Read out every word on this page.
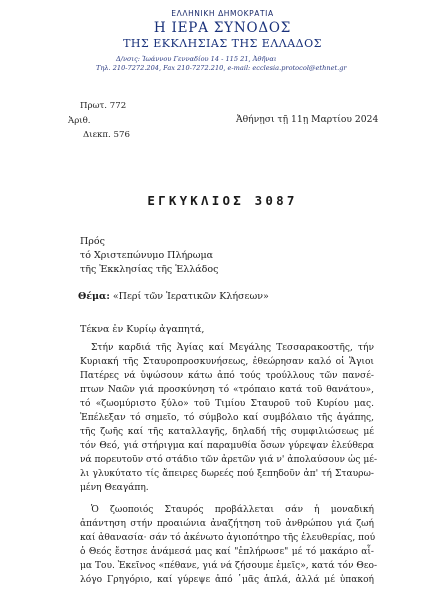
ΕΛΛΗΝΙΚΗ ΔΗΜΟΚΡΑΤΙΑ
Η ΙΕΡΑ ΣΥΝΟΔΟΣ
ΤΗΣ ΕΚΚΛΗΣΙΑΣ ΤΗΣ ΕΛΛΑΔΟΣ
Δ/νσις: Ἰωάννου Γενναδίου 14 - 115 21, Ἀθῆναι
Τηλ. 210-7272.204, Fax 210-7272.210, e-mail: ecclesia.protocol@ethnet.gr
Πρωτ. 772
Ἀριθ.
Διεκπ. 576
Ἀθήνῃσι τῇ 11ῃ Μαρτίου 2024
ΕΓΚΥΚΛΙΟΣ 3087
Πρός
τό Χριστεπώνυμο Πλήρωμα
τῆς Ἐκκλησίας τῆς Ἑλλάδος
Θέμα: «Περί τῶν Ἱερατικῶν Κλήσεων»
Τέκνα ἐν Κυρίῳ ἀγαπητά,
Στήν καρδιά τῆς Ἁγίας καί Μεγάλης Τεσσαρακοστῆς, τήν
Κυριακή τῆς Σταυροπροσκυνήσεως, ἐθεώρησαν καλό οἱ Ἅγιοι
Πατέρες νά ὑψώσουν κάτω ἀπό τούς τρούλλους τῶν πανσέ-
πτων Ναῶν γιά προσκύνηση τό «τρόπαιο κατά τοῦ θανάτου»,
τό «ζωομύριστο ξύλο» τοῦ Τιμίου Σταυροῦ τοῦ Κυρίου μας.
Ἐπέλεξαν τό σημεῖο, τό σύμβολο καί συμβόλαιο τῆς ἀγάπης,
τῆς ζωῆς καί τῆς καταλλαγῆς, δηλαδή τῆς συμφιλιώσεως μέ
τόν Θεό, γιά στήριγμα καί παραμυθία ὅσων γύρεψαν ἐλεύθερα
νά πορευτοῦν στό στάδιο τῶν ἀρετῶν γιά ν' ἀπολαύσουν ὡς μέ-
λι γλυκύτατο τίς ἄπειρες δωρεές πού ξεπηδοῦν ἀπ' τή Σταυρω-
μένη Θεαγάπη.
Ὁ ζωοποιός Σταυρός προβάλλεται σάν ἡ μοναδική
ἀπάντηση στήν προαιώνια ἀναζήτηση τοῦ ἀνθρώπου γιά ζωή
καί ἀθανασία· σάν τό ἀκένωτο ἀγιοπότηρο τῆς ἐλευθερίας, πού
ὁ Θεός ἔστησε ἀνάμεσά μας καί "ἐπλήρωσε" μέ τό μακάριο αἷ-
μα Του. Ἐκεῖνος «πέθανε, γιά νά ζήσουμε ἐμεῖς», κατά τόν Θεο-
λόγο Γρηγόριο, καί γύρεψε ἀπό ῾μᾶς ἁπλά, ἀλλά μέ ὑπακοή
